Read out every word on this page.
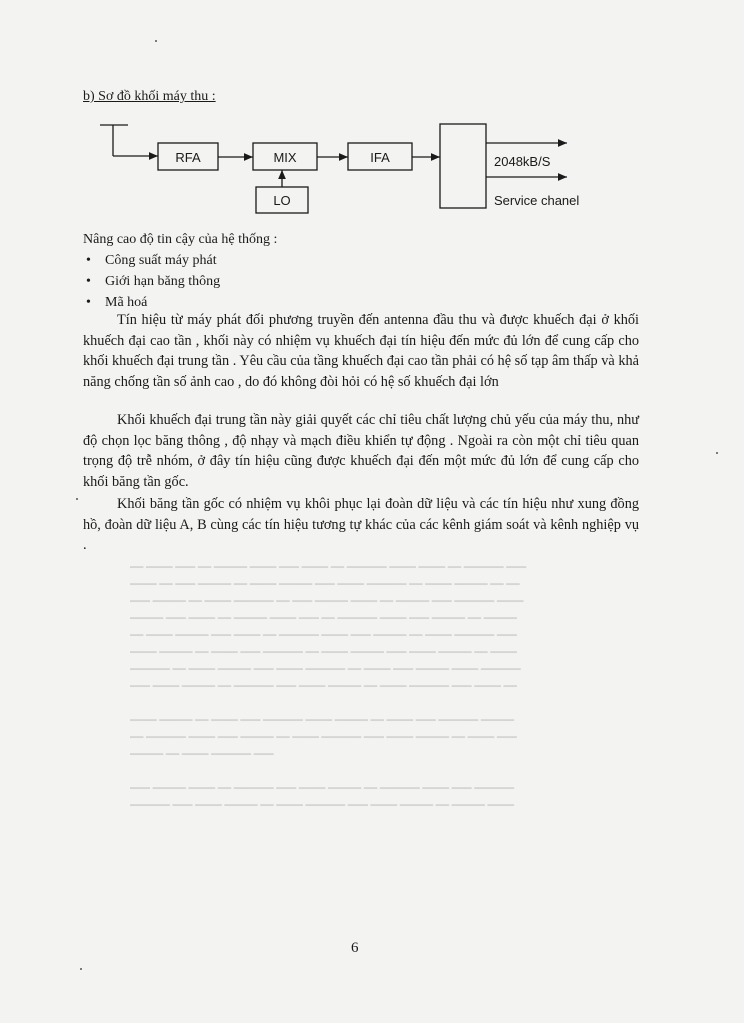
━━ ━━━━ ━━━ ━━ ━━━━━ ━━━━ ━━━ ━━━━ ━━ ━━━━━━ ━━━━ ━━━━ ━━ ━━━━━━ ━━━
━━━━ ━━ ━━━ ━━━━━ ━━ ━━━━ ━━━━━ ━━━ ━━━━ ━━━━━━ ━━ ━━━━ ━━━━━ ━━ ━━
━━━ ━━━━━ ━━ ━━━━ ━━━━━━ ━━ ━━━ ━━━━━ ━━━━ ━━ ━━━━━ ━━━ ━━━━━━ ━━━━
━━━━━ ━━━ ━━━━ ━━ ━━━━━ ━━━━ ━━━ ━━ ━━━━━━ ━━━━ ━━━ ━━━━━ ━━ ━━━━━
━━ ━━━━ ━━━━━ ━━━ ━━━━ ━━ ━━━━━━ ━━━━ ━━━ ━━━━━ ━━ ━━━━ ━━━━━━ ━━━
━━━━ ━━━━━ ━━ ━━━━ ━━━ ━━━━━━ ━━ ━━━━ ━━━━━ ━━━ ━━━━ ━━━━━ ━━ ━━━━
━━━━━━ ━━ ━━━━ ━━━━━ ━━━ ━━━━ ━━━━━━ ━━ ━━━━ ━━━ ━━━━━ ━━━━ ━━━━━━
━━━ ━━━━ ━━━━━ ━━ ━━━━━━ ━━━ ━━━━ ━━━━━ ━━ ━━━━ ━━━━━━ ━━━ ━━━━ ━━

━━━━ ━━━━━ ━━ ━━━━ ━━━ ━━━━━━ ━━━━ ━━━━━ ━━ ━━━━ ━━━ ━━━━━━ ━━━━━
━━ ━━━━━━ ━━━━ ━━━ ━━━━━ ━━ ━━━━ ━━━━━━ ━━━ ━━━━ ━━━━━ ━━ ━━━━ ━━━
━━━━━ ━━ ━━━━ ━━━━━━ ━━━

━━━ ━━━━━ ━━━━ ━━ ━━━━━━ ━━━ ━━━━ ━━━━━ ━━ ━━━━━━ ━━━━ ━━━ ━━━━━━
━━━━━━ ━━━ ━━━━ ━━━━━ ━━ ━━━━ ━━━━━━ ━━━ ━━━━ ━━━━━ ━━ ━━━━━ ━━━━
b) Sơ đồ khối máy thu :
RFA	MIX	IFA
LO
2048kB/S
Service chanel
Nâng cao độ tin cậy của hệ thống :
• Công suất máy phát
• Giới hạn băng thông
• Mã hoá

Tín hiệu từ máy phát đối phương truyền đến antenna đầu thu và được khuếch đại ở khối khuếch đại cao tần , khối này có nhiệm vụ khuếch đại tín hiệu đến mức đủ lớn để cung cấp cho khối khuếch đại trung tần . Yêu cầu của tầng khuếch đại cao tần phải có hệ số tạp âm thấp và khả năng chống tần số ảnh cao , do đó không đòi hỏi có hệ số khuếch đại lớn

Khối khuếch đại trung tần này giải quyết các chỉ tiêu chất lượng chủ yếu của máy thu, như độ chọn lọc băng thông , độ nhạy và mạch điều khiển tự động . Ngoài ra còn một chỉ tiêu quan trọng độ trễ nhóm, ở đây tín hiệu cũng được khuếch đại đến một mức đủ lớn để cung cấp cho khối băng tần gốc.

Khối băng tần gốc có nhiệm vụ khôi phục lại đoàn dữ liệu và các tín hiệu như xung đồng hồ, đoàn dữ liệu A, B cùng các tín hiệu tương tự khác của các kênh giám soát và kênh nghiệp vụ .

6
